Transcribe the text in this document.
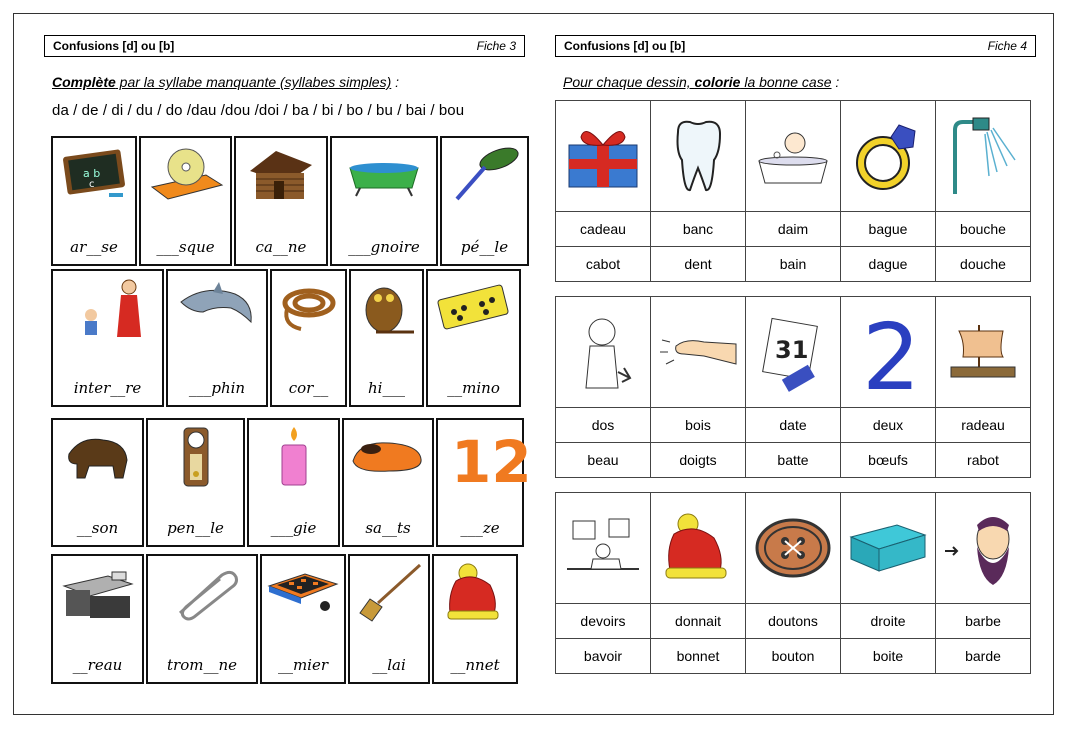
Confusions [d] ou [b]	Fiche 3
Complète par la syllabe manquante (syllabes simples) :
da / de / di / du / do /dau /dou /doi / ba / bi / bo / bu / bai / bou
a b
c
ar__se	___sque	ca__ne	___gnoire	pé__le
inter__re	___phin	cor__	hi___	__mino
__son	pen__le	___gie	sa__ts
12
___ze
__reau	trom__ne	__mier	__lai	__nnet
Confusions [d] ou [b]	Fiche 4
Pour chaque dessin, colorie la bonne case :

cadeau	banc	daim	bague	bouche
cabot	dent	bain	dague	douche

31	2

dos	bois	date	deux	radeau
beau	doigts	batte	bœufs	rabot

devoirs	donnait	doutons	droite	barbe
bavoir	bonnet	bouton	boite	barde
